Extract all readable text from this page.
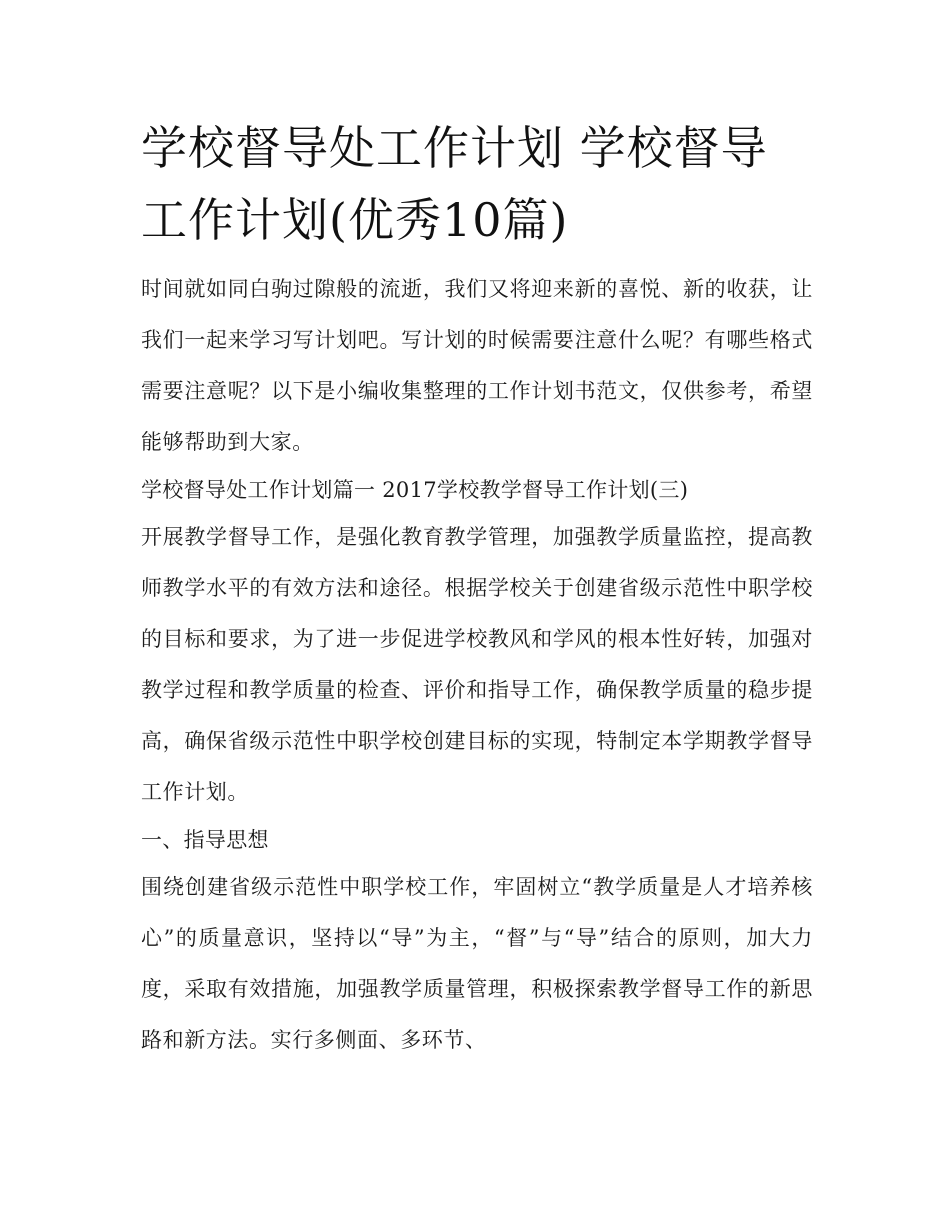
学校督导处工作计划 学校督导工作计划(优秀10篇)

时间就如同白驹过隙般的流逝，我们又将迎来新的喜悦、新的收获，让我们一起来学习写计划吧。写计划的时候需要注意什么呢？有哪些格式需要注意呢？以下是小编收集整理的工作计划书范文，仅供参考，希望能够帮助到大家。

学校督导处工作计划篇一 2017学校教学督导工作计划(三)

开展教学督导工作，是强化教育教学管理，加强教学质量监控，提高教师教学水平的有效方法和途径。根据学校关于创建省级示范性中职学校的目标和要求，为了进一步促进学校教风和学风的根本性好转，加强对教学过程和教学质量的检查、评价和指导工作，确保教学质量的稳步提高，确保省级示范性中职学校创建目标的实现，特制定本学期教学督导工作计划。

一、指导思想

围绕创建省级示范性中职学校工作，牢固树立“教学质量是人才培养核心”的质量意识，坚持以“导”为主，“督”与“导”结合的原则，加大力度，采取有效措施，加强教学质量管理，积极探索教学督导工作的新思路和新方法。实行多侧面、多环节、
